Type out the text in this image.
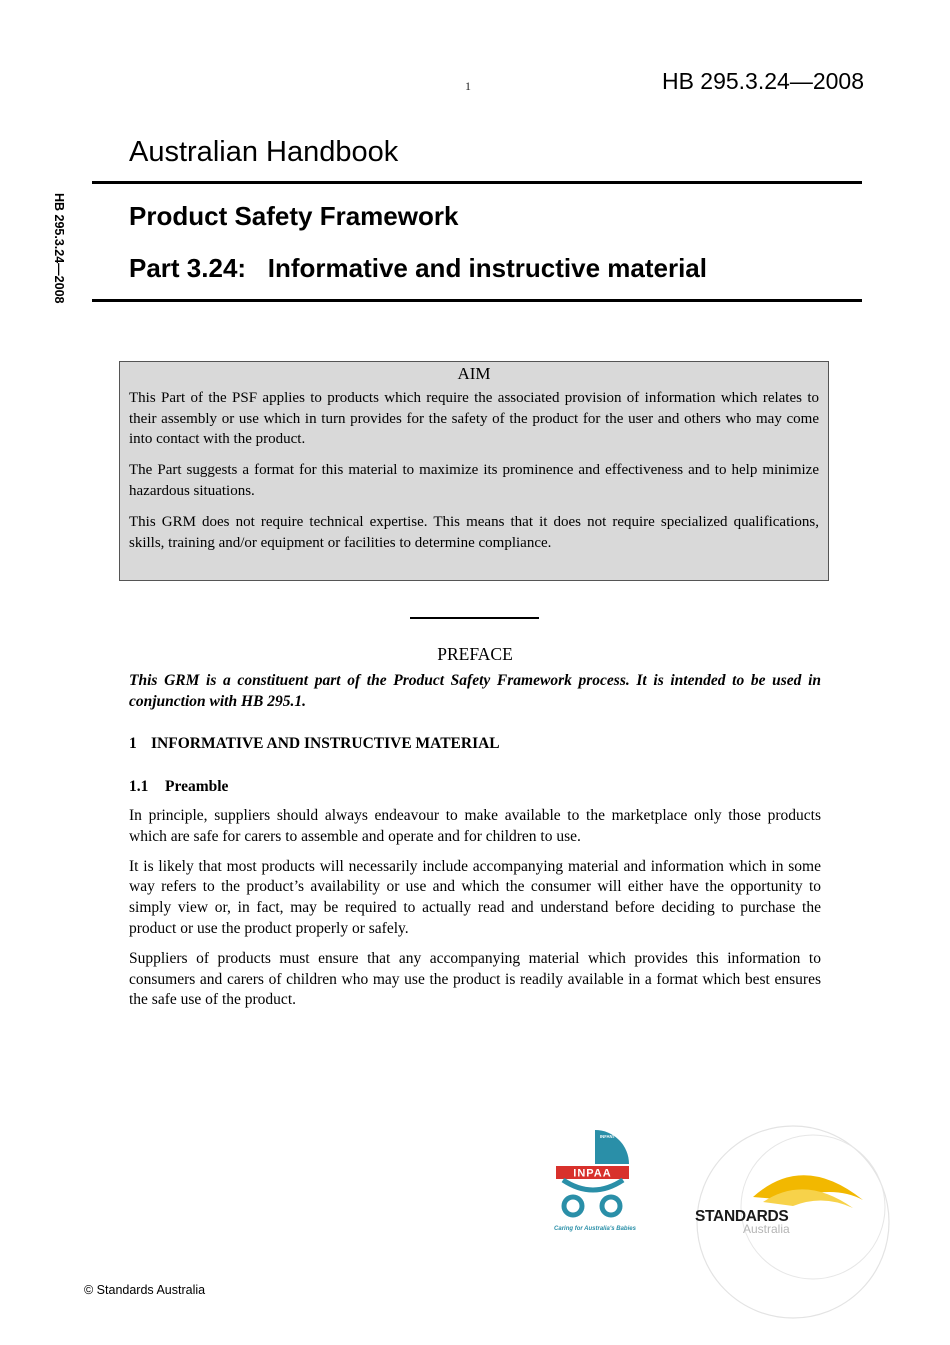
1	HB 295.3.24—2008
HB 295.3.24—2008
Australian Handbook
Product Safety Framework
Part 3.24:   Informative and instructive material
AIM

This Part of the PSF applies to products which require the associated provision of information which relates to their assembly or use which in turn provides for the safety of the product for the user and others who may come into contact with the product.

The Part suggests a format for this material to maximize its prominence and effectiveness and to help minimize hazardous situations.

This GRM does not require technical expertise. This means that it does not require specialized qualifications, skills, training and/or equipment or facilities to determine compliance.

PREFACE

This GRM is a constituent part of the Product Safety Framework process. It is intended to be used in conjunction with HB 295.1.

1 INFORMATIVE AND INSTRUCTIVE MATERIAL
1.1 Preamble

In principle, suppliers should always endeavour to make available to the marketplace only those products which are safe for carers to assemble and operate and for children to use.

It is likely that most products will necessarily include accompanying material and information which in some way refers to the product’s availability or use and which the consumer will either have the opportunity to simply view or, in fact, may be required to actually read and understand before deciding to purchase the product or use the product properly or safely.

Suppliers of products must ensure that any accompanying material which provides this information to consumers and carers of children who may use the product is readily available in a format which best ensures the safe use of the product.

INFANT & NURSERY PRODUCTS ASSOCIATION OF AUSTRALIA
INPAA
Caring for Australia's Babies
STANDARDS
Australia
© Standards Australia
